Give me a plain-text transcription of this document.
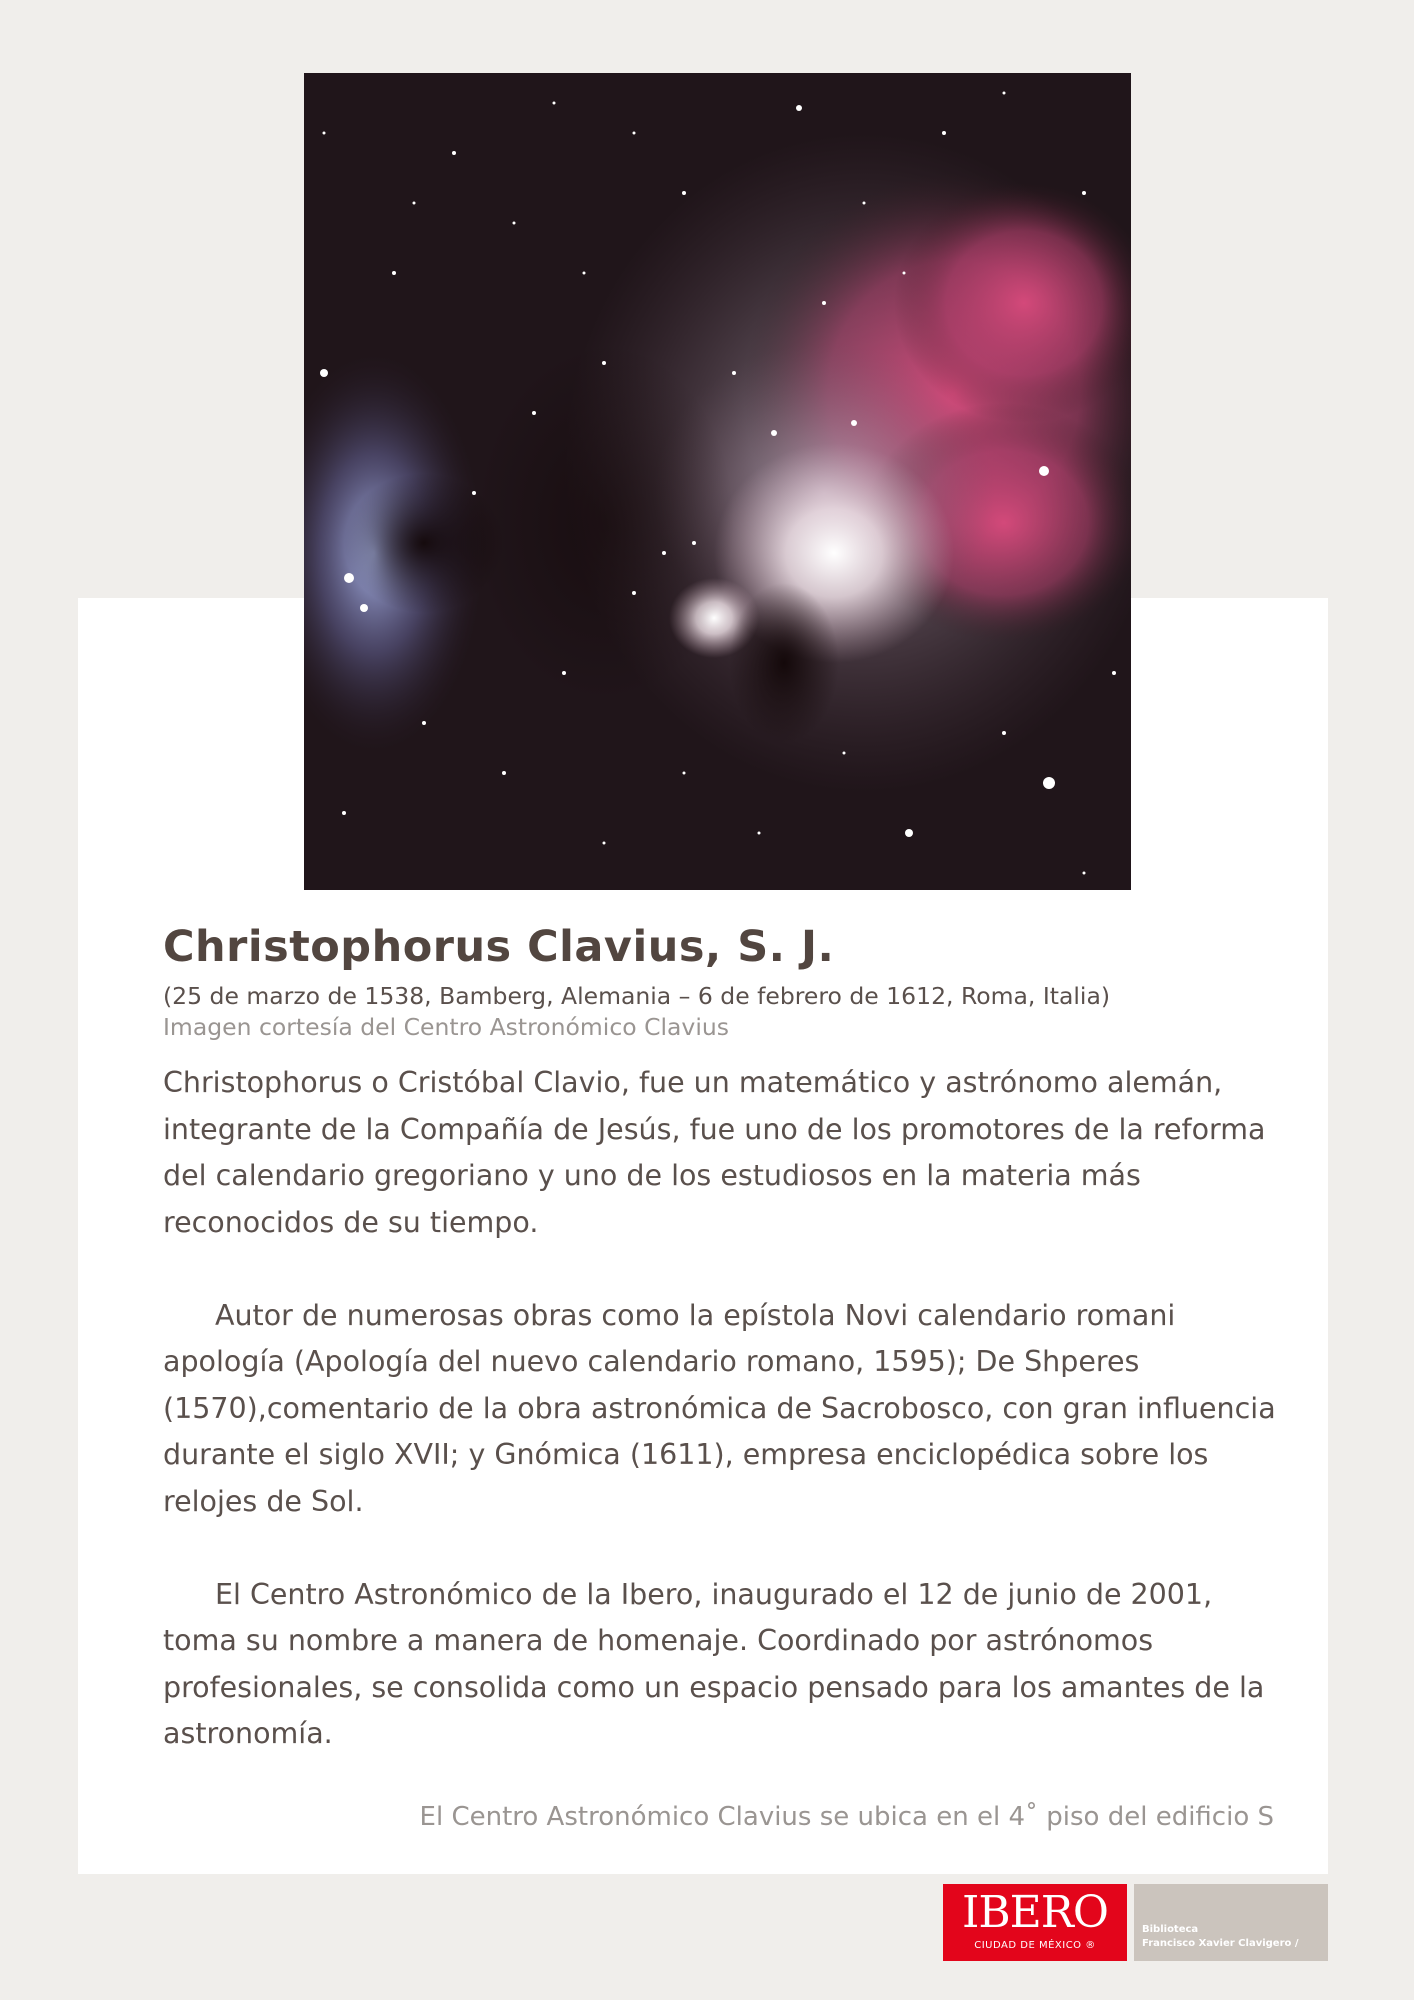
Christophorus Clavius, S. J.

(25 de marzo de 1538, Bamberg, Alemania – 6 de febrero de 1612, Roma, Italia)

Imagen cortesía del Centro Astronómico Clavius

Christophorus o Cristóbal Clavio, fue un matemático y astrónomo alemán, integrante de la Compañía de Jesús, fue uno de los promotores de la reforma del calendario gregoriano y uno de los estudiosos en la materia más reconocidos de su tiempo.

Autor de numerosas obras como la epístola Novi calendario romani apología (Apología del nuevo calendario romano, 1595); De Shperes (1570),comentario de la obra astronómica de Sacrobosco, con gran influencia durante el siglo XVII; y Gnómica (1611), empresa enciclopédica sobre los relojes de Sol.

El Centro Astronómico de la Ibero, inaugurado el 12 de junio de 2001, toma su nombre a manera de homenaje. Coordinado por astrónomos profesionales, se consolida como un espacio pensado para los amantes de la astronomía.

El Centro Astronómico Clavius se ubica en el 4˚ piso del edificio S

IBERO
CIUDAD DE MÉXICO ®
Biblioteca
Francisco Xavier Clavigero /
